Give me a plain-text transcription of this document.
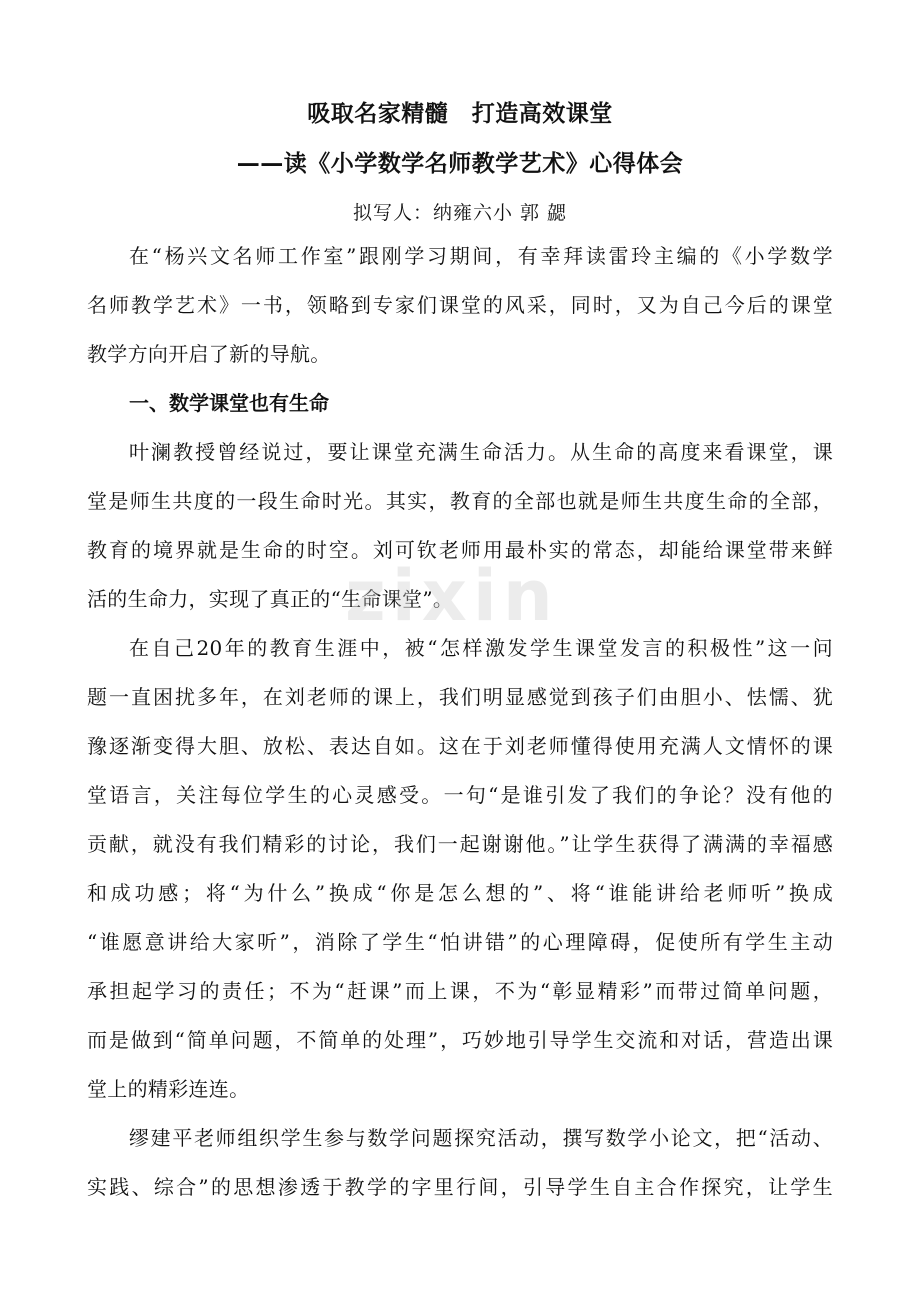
吸取名家精髓　打造高效课堂
——读《小学数学名师教学艺术》心得体会
拟写人：纳雍六小 郭 勰
在“杨兴文名师工作室”跟刚学习期间，有幸拜读雷玲主编的《小学数学
名师教学艺术》一书，领略到专家们课堂的风采，同时，又为自己今后的课堂
教学方向开启了新的导航。
一、数学课堂也有生命
叶澜教授曾经说过，要让课堂充满生命活力。从生命的高度来看课堂，课
堂是师生共度的一段生命时光。其实，教育的全部也就是师生共度生命的全部，
教育的境界就是生命的时空。刘可钦老师用最朴实的常态，却能给课堂带来鲜
活的生命力，实现了真正的“生命课堂”。
在自己20年的教育生涯中，被“怎样激发学生课堂发言的积极性”这一问
题一直困扰多年，在刘老师的课上，我们明显感觉到孩子们由胆小、怯懦、犹
豫逐渐变得大胆、放松、表达自如。这在于刘老师懂得使用充满人文情怀的课
堂语言，关注每位学生的心灵感受。一句“是谁引发了我们的争论？没有他的
贡献，就没有我们精彩的讨论，我们一起谢谢他。”让学生获得了满满的幸福感
和成功感；将“为什么”换成“你是怎么想的”、将“谁能讲给老师听”换成
“谁愿意讲给大家听”，消除了学生“怕讲错”的心理障碍，促使所有学生主动
承担起学习的责任；不为“赶课”而上课，不为“彰显精彩”而带过简单问题，
而是做到“简单问题，不简单的处理”，巧妙地引导学生交流和对话，营造出课
堂上的精彩连连。
缪建平老师组织学生参与数学问题探究活动，撰写数学小论文，把“活动、
实践、综合”的思想渗透于教学的字里行间，引导学生自主合作探究，让学生
zixin
